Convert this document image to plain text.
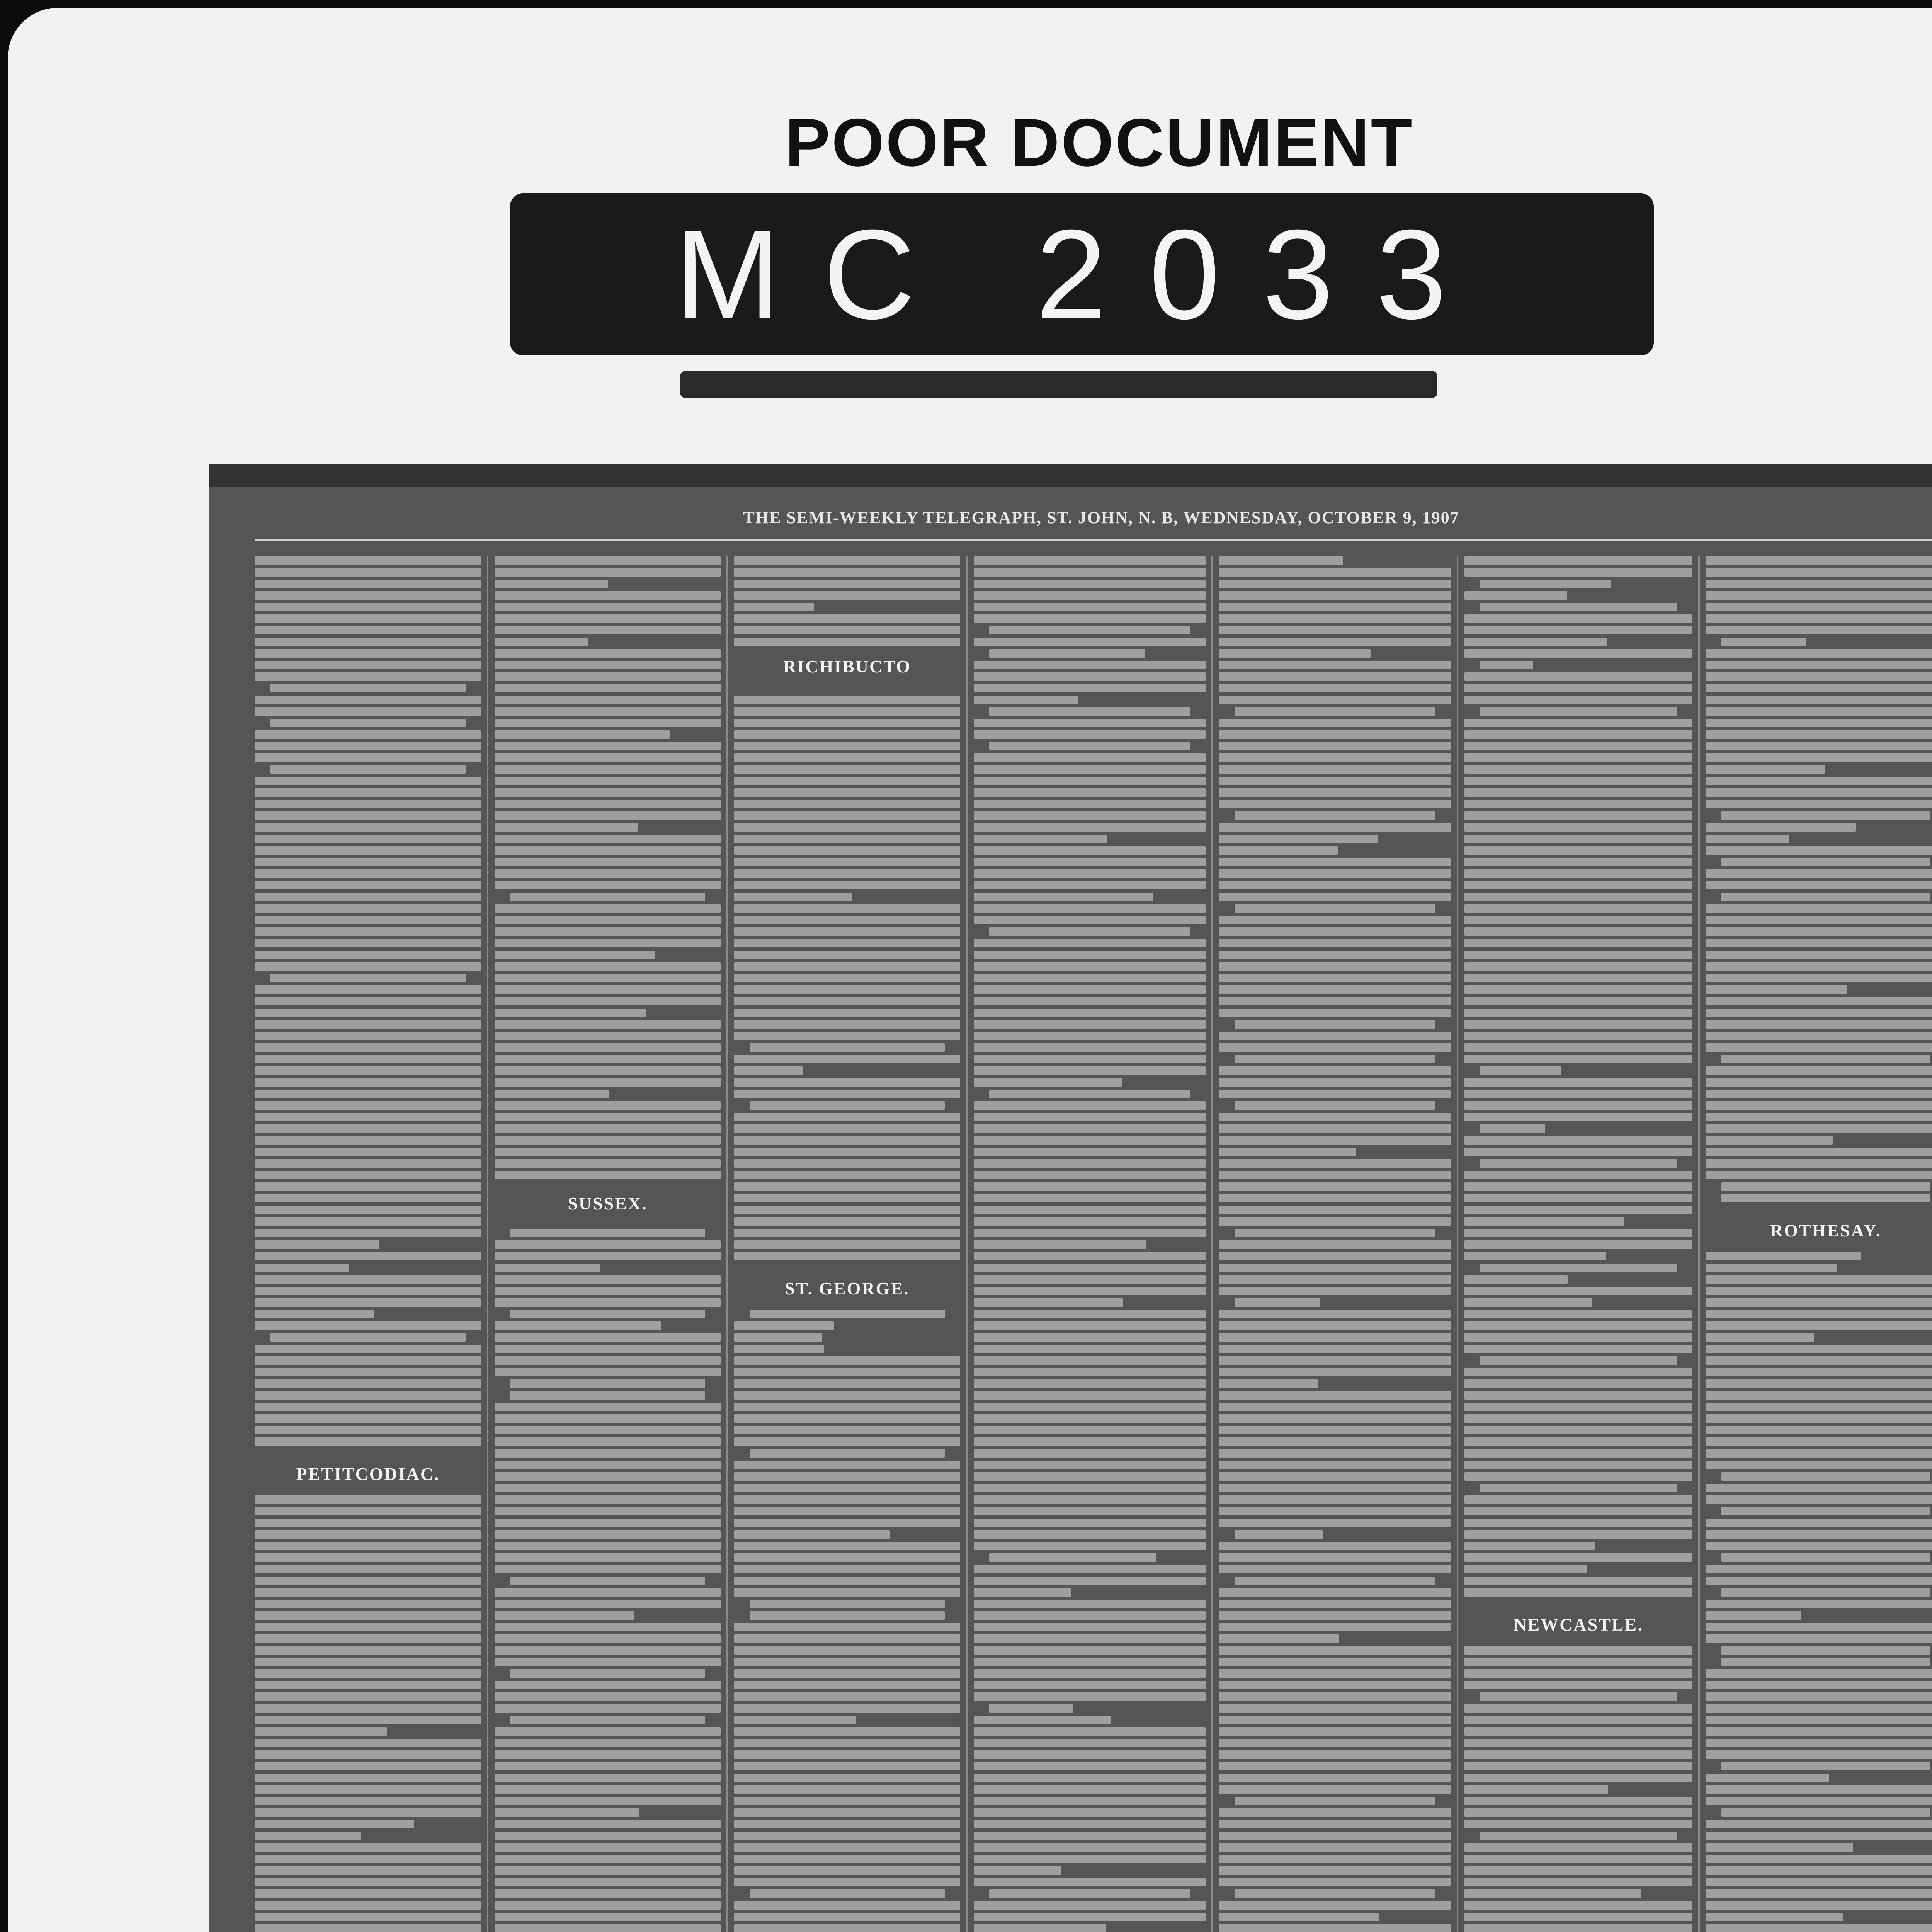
POOR DOCUMENT
MC 2033
THE SEMI-WEEKLY TELEGRAPH, ST. JOHN, N. B, WEDNESDAY, OCTOBER 9, 1907
PETITCODIAC.
SUSSEX.
RICHIBUCTO
ST. GEORGE.
NEWCASTLE.
ROTHESAY.
